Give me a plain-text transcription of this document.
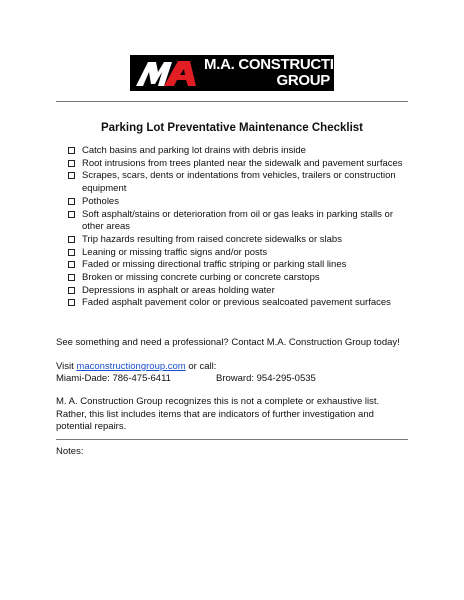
M.A. CONSTRUCTION
GROUP
Parking Lot Preventative Maintenance Checklist
Catch basins and parking lot drains with debris inside
Root intrusions from trees planted near the sidewalk and pavement surfaces
Scrapes, scars, dents or indentations from vehicles, trailers or construction equipment
Potholes
Soft asphalt/stains or deterioration from oil or gas leaks in parking stalls or other areas
Trip hazards resulting from raised concrete sidewalks or slabs
Leaning or missing traffic signs and/or posts
Faded or missing directional traffic striping or parking stall lines
Broken or missing concrete curbing or concrete carstops
Depressions in asphalt or areas holding water
Faded asphalt pavement color or previous sealcoated pavement surfaces
See something and need a professional? Contact M.A. Construction Group today!
Visit maconstructiongroup.com or call:
Miami-Dade: 786-475-6411	Broward: 954-295-0535
M. A. Construction Group recognizes this is not a complete or exhaustive list. Rather, this list includes items that are indicators of further investigation and potential repairs.
Notes:
